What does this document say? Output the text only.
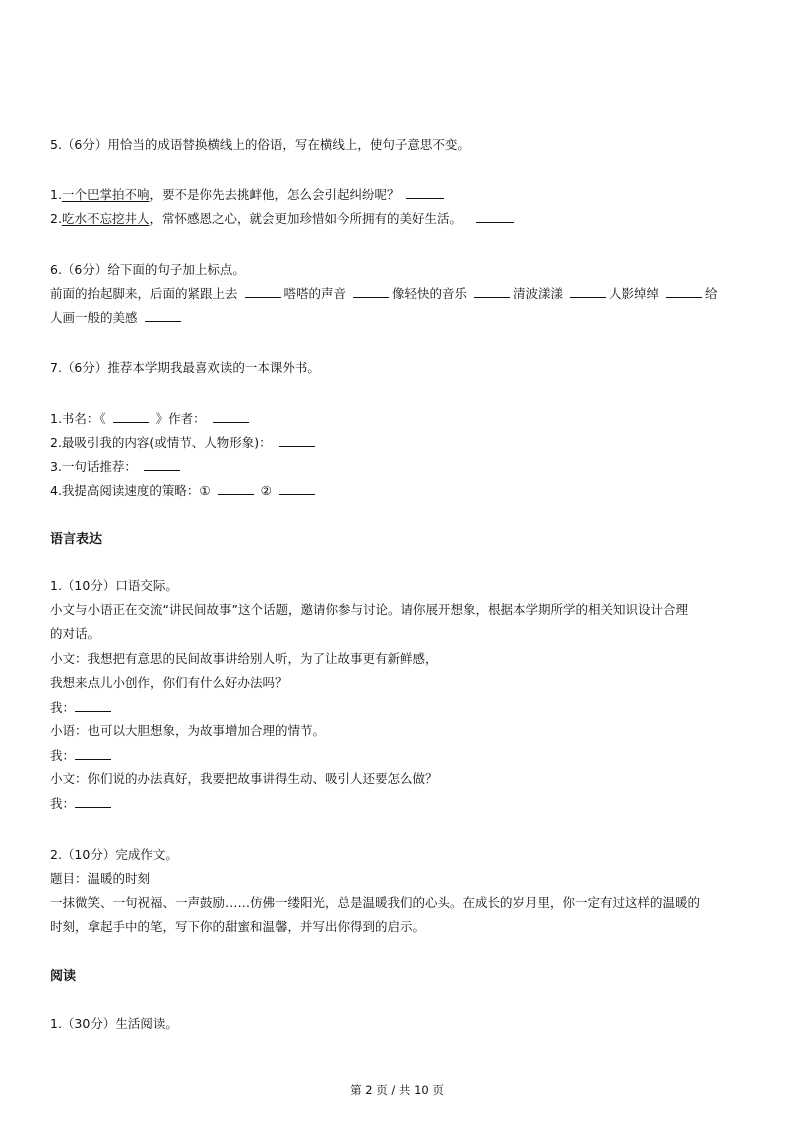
5.（6分）用恰当的成语替换横线上的俗语，写在横线上，使句子意思不变。
1.一个巴掌拍不响，要不是你先去挑衅他，怎么会引起纠纷呢？
2.吃水不忘挖井人，常怀感恩之心，就会更加珍惜如今所拥有的美好生活。
6.（6分）给下面的句子加上标点。
前面的抬起脚来，后面的紧跟上去	嗒嗒的声音	像轻快的音乐	清波漾漾	人影绰绰	给
人画一般的美感
7.（6分）推荐本学期我最喜欢读的一本课外书。
1.书名：《	》作者：
2.最吸引我的内容(或情节、人物形象)：
3.一句话推荐：
4.我提高阅读速度的策略：①	②
语言表达
1.（10分）口语交际。
小文与小语正在交流“讲民间故事”这个话题，邀请你参与讨论。请你展开想象，根据本学期所学的相关知识设计合理
的对话。
小文：我想把有意思的民间故事讲给别人听，为了让故事更有新鲜感，
我想来点儿小创作，你们有什么好办法吗？
我：
小语：也可以大胆想象，为故事增加合理的情节。
我：
小文：你们说的办法真好，我要把故事讲得生动、吸引人还要怎么做？
我：
2.（10分）完成作文。
题目：温暖的时刻
一抹微笑、一句祝福、一声鼓励……仿佛一缕阳光，总是温暖我们的心头。在成长的岁月里，你一定有过这样的温暖的
时刻，拿起手中的笔，写下你的甜蜜和温馨，并写出你得到的启示。
阅读
1.（30分）生活阅读。
第 2 页 / 共 10 页
